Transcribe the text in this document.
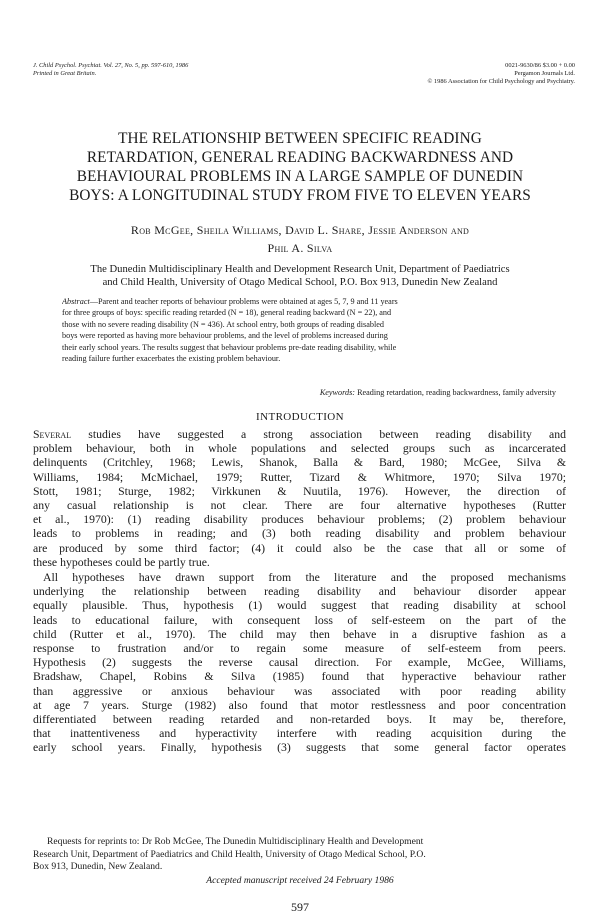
J. Child Psychol. Psychiat. Vol. 27, No. 5, pp. 597-610, 1986
Printed in Great Britain.
0021-9630/86 $3.00 + 0.00
Pergamon Journals Ltd.
© 1986 Association for Child Psychology and Psychiatry.
THE RELATIONSHIP BETWEEN SPECIFIC READING
RETARDATION, GENERAL READING BACKWARDNESS AND
BEHAVIOURAL PROBLEMS IN A LARGE SAMPLE OF DUNEDIN
BOYS: A LONGITUDINAL STUDY FROM FIVE TO ELEVEN YEARS
Rob McGee, Sheila Williams, David L. Share, Jessie Anderson and
Phil A. Silva
The Dunedin Multidisciplinary Health and Development Research Unit, Department of Paediatrics
and Child Health, University of Otago Medical School, P.O. Box 913, Dunedin New Zealand
Abstract—Parent and teacher reports of behaviour problems were obtained at ages 5, 7, 9 and 11 years
for three groups of boys: specific reading retarded (N = 18), general reading backward (N = 22), and
those with no severe reading disability (N = 436). At school entry, both groups of reading disabled
boys were reported as having more behaviour problems, and the level of problems increased during
their early school years. The results suggest that behaviour problems pre-date reading disability, while
reading failure further exacerbates the existing problem behaviour.
Keywords: Reading retardation, reading backwardness, family adversity
INTRODUCTION
Several studies have suggested a strong association between reading disability and
problem behaviour, both in whole populations and selected groups such as incarcerated
delinquents (Critchley, 1968; Lewis, Shanok, Balla & Bard, 1980; McGee, Silva &
Williams, 1984; McMichael, 1979; Rutter, Tizard & Whitmore, 1970; Silva 1970;
Stott, 1981; Sturge, 1982; Virkkunen & Nuutila, 1976). However, the direction of
any casual relationship is not clear. There are four alternative hypotheses (Rutter
et al., 1970): (1) reading disability produces behaviour problems; (2) problem behaviour
leads to problems in reading; and (3) both reading disability and problem behaviour
are produced by some third factor; (4) it could also be the case that all or some of
these hypotheses could be partly true.
All hypotheses have drawn support from the literature and the proposed mechanisms
underlying the relationship between reading disability and behaviour disorder appear
equally plausible. Thus, hypothesis (1) would suggest that reading disability at school
leads to educational failure, with consequent loss of self-esteem on the part of the
child (Rutter et al., 1970). The child may then behave in a disruptive fashion as a
response to frustration and/or to regain some measure of self-esteem from peers.
Hypothesis (2) suggests the reverse causal direction. For example, McGee, Williams,
Bradshaw, Chapel, Robins & Silva (1985) found that hyperactive behaviour rather
than aggressive or anxious behaviour was associated with poor reading ability
at age 7 years. Sturge (1982) also found that motor restlessness and poor concentration
differentiated between reading retarded and non-retarded boys. It may be, therefore,
that inattentiveness and hyperactivity interfere with reading acquisition during the
early school years. Finally, hypothesis (3) suggests that some general factor operates
Requests for reprints to: Dr Rob McGee, The Dunedin Multidisciplinary Health and Development
Research Unit, Department of Paediatrics and Child Health, University of Otago Medical School, P.O.
Box 913, Dunedin, New Zealand.
Accepted manuscript received 24 February 1986
597
